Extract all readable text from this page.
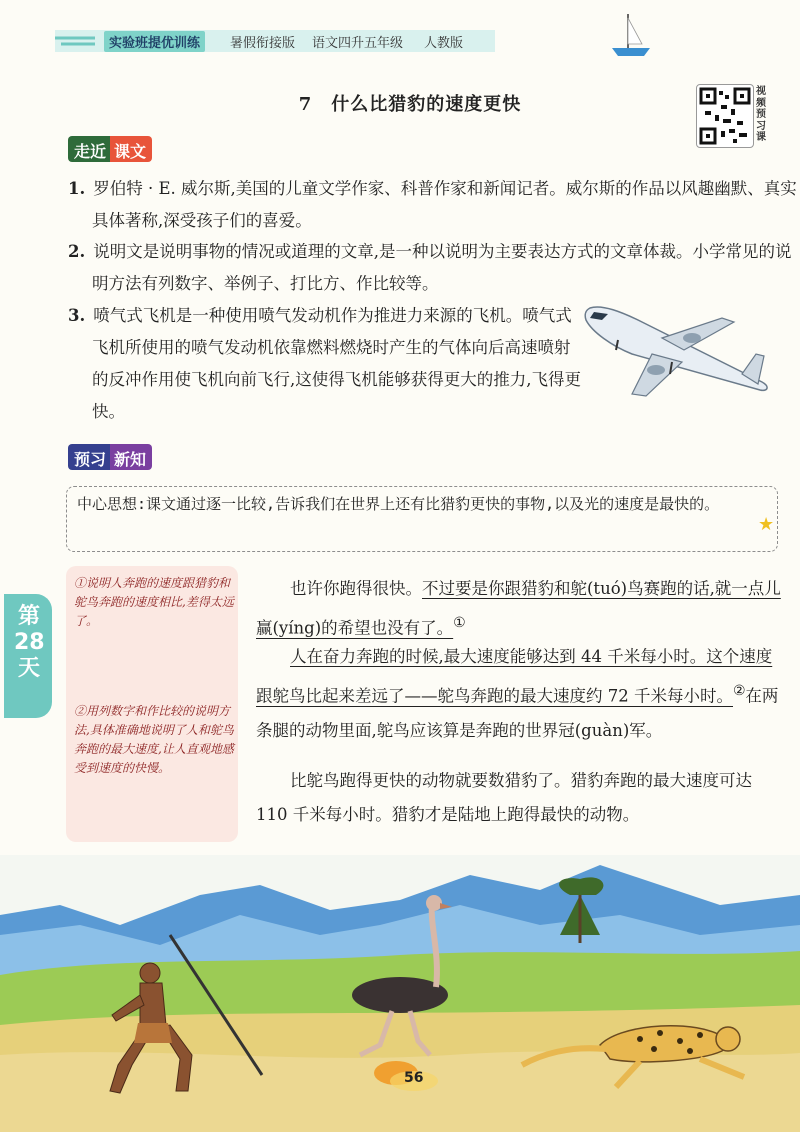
实验班提优训练	暑假衔接版 语文四升五年级 人教版
7　什么比猎豹的速度更快
视
频
预
习
课
走近 课文
1. 罗伯特 · E. 威尔斯,美国的儿童文学作家、科普作家和新闻记者。威尔斯的作品以风趣幽默、真实具体著称,深受孩子们的喜爱。
2. 说明文是说明事物的情况或道理的文章,是一种以说明为主要表达方式的文章体裁。小学常见的说明方法有列数字、举例子、打比方、作比较等。
3. 喷气式飞机是一种使用喷气发动机作为推进力来源的飞机。喷气式飞机所使用的喷气发动机依靠燃料燃烧时产生的气体向后高速喷射的反冲作用使飞机向前飞行,这使得飞机能够获得更大的推力,飞得更快。
预习 新知
中心思想:课文通过逐一比较,告诉我们在世界上还有比猎豹更快的事物,以及光的速度是最快的。
★
第
28
天
①说明人奔跑的速度跟猎豹和鸵鸟奔跑的速度相比,差得太远了。
②用列数字和作比较的说明方法,具体准确地说明了人和鸵鸟奔跑的最大速度,让人直观地感受到速度的快慢。
也许你跑得很快。不过要是你跟猎豹和鸵(tuó)鸟赛跑的话,就一点儿赢(yíng)的希望也没有了。①
人在奋力奔跑的时候,最大速度能够达到 44 千米每小时。这个速度跟鸵鸟比起来差远了——鸵鸟奔跑的最大速度约 72 千米每小时。②在两条腿的动物里面,鸵鸟应该算是奔跑的世界冠(guàn)军。
比鸵鸟跑得更快的动物就要数猎豹了。猎豹奔跑的最大速度可达 110 千米每小时。猎豹才是陆地上跑得最快的动物。
56
